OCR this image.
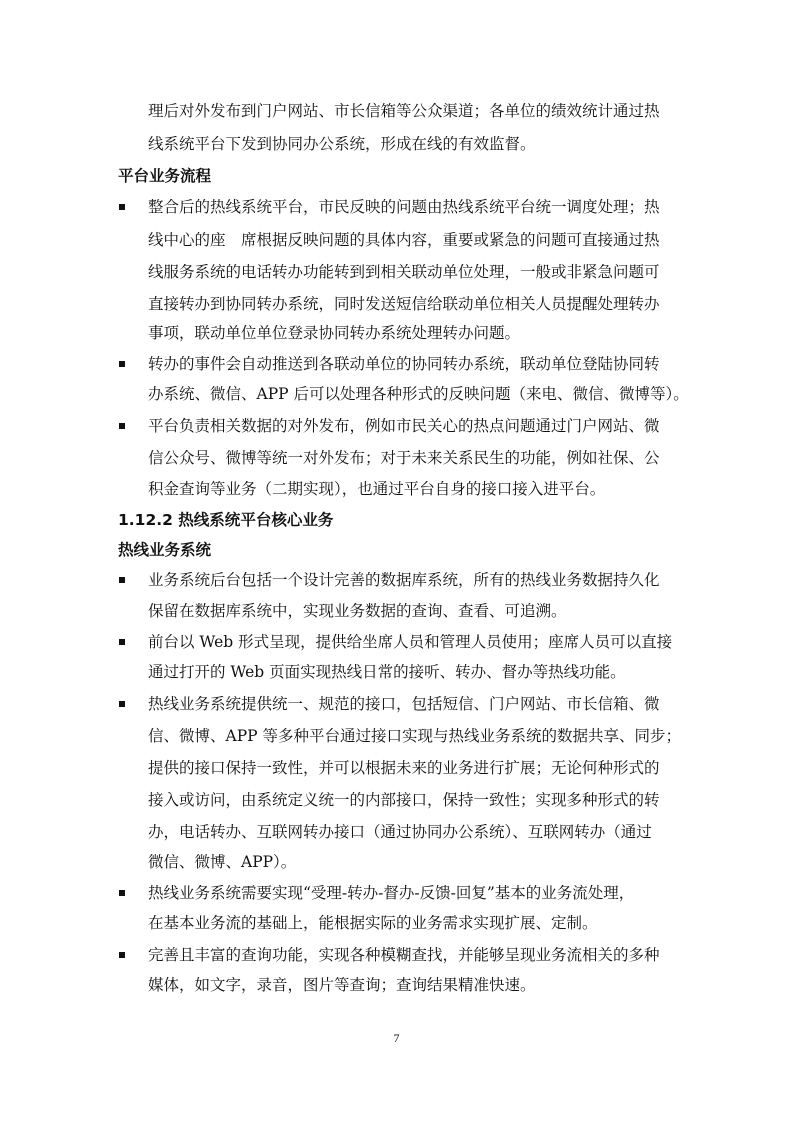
理后对外发布到门户网站、市长信箱等公众渠道；各单位的绩效统计通过热
线系统平台下发到协同办公系统，形成在线的有效监督。
平台业务流程
整合后的热线系统平台，市民反映的问题由热线系统平台统一调度处理；热
线中心的座　席根据反映问题的具体内容，重要或紧急的问题可直接通过热
线服务系统的电话转办功能转到到相关联动单位处理，一般或非紧急问题可
直接转办到协同转办系统，同时发送短信给联动单位相关人员提醒处理转办
事项，联动单位单位登录协同转办系统处理转办问题。
转办的事件会自动推送到各联动单位的协同转办系统，联动单位登陆协同转
办系统、微信、APP 后可以处理各种形式的反映问题（来电、微信、微博等）。
平台负责相关数据的对外发布，例如市民关心的热点问题通过门户网站、微
信公众号、微博等统一对外发布；对于未来关系民生的功能，例如社保、公
积金查询等业务（二期实现），也通过平台自身的接口接入进平台。
1.12.2 热线系统平台核心业务
热线业务系统
业务系统后台包括一个设计完善的数据库系统，所有的热线业务数据持久化
保留在数据库系统中，实现业务数据的查询、查看、可追溯。
前台以 Web 形式呈现，提供给坐席人员和管理人员使用；座席人员可以直接
通过打开的 Web 页面实现热线日常的接听、转办、督办等热线功能。
热线业务系统提供统一、规范的接口，包括短信、门户网站、市长信箱、微
信、微博、APP 等多种平台通过接口实现与热线业务系统的数据共享、同步；
提供的接口保持一致性，并可以根据未来的业务进行扩展；无论何种形式的
接入或访问，由系统定义统一的内部接口，保持一致性；实现多种形式的转
办，电话转办、互联网转办接口（通过协同办公系统）、互联网转办（通过
微信、微博、APP）。
热线业务系统需要实现“受理-转办-督办-反馈-回复”基本的业务流处理，
在基本业务流的基础上，能根据实际的业务需求实现扩展、定制。
完善且丰富的查询功能，实现各种模糊查找，并能够呈现业务流相关的多种
媒体，如文字，录音，图片等查询；查询结果精准快速。
7
